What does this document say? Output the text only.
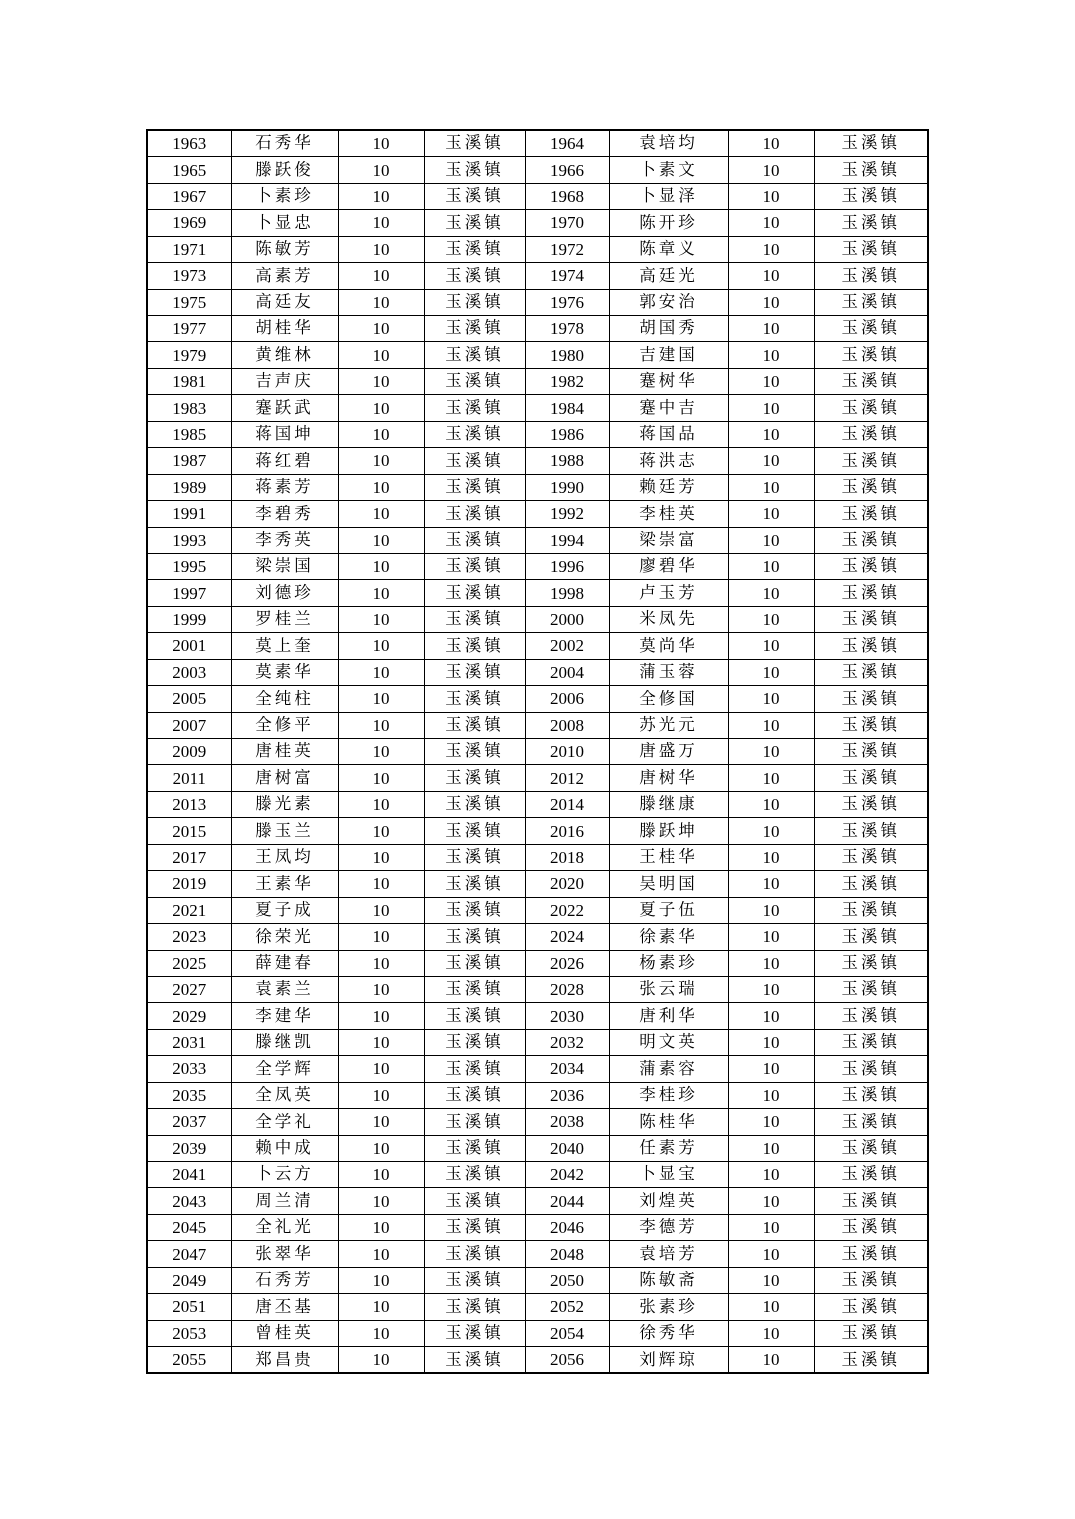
1963	石秀华	10	玉溪镇	1964	袁培均	10	玉溪镇
1965	滕跃俊	10	玉溪镇	1966	卜素文	10	玉溪镇
1967	卜素珍	10	玉溪镇	1968	卜显泽	10	玉溪镇
1969	卜显忠	10	玉溪镇	1970	陈开珍	10	玉溪镇
1971	陈敏芳	10	玉溪镇	1972	陈章义	10	玉溪镇
1973	高素芳	10	玉溪镇	1974	高廷光	10	玉溪镇
1975	高廷友	10	玉溪镇	1976	郭安治	10	玉溪镇
1977	胡桂华	10	玉溪镇	1978	胡国秀	10	玉溪镇
1979	黄维林	10	玉溪镇	1980	吉建国	10	玉溪镇
1981	吉声庆	10	玉溪镇	1982	蹇树华	10	玉溪镇
1983	蹇跃武	10	玉溪镇	1984	蹇中吉	10	玉溪镇
1985	蒋国坤	10	玉溪镇	1986	蒋国品	10	玉溪镇
1987	蒋红碧	10	玉溪镇	1988	蒋洪志	10	玉溪镇
1989	蒋素芳	10	玉溪镇	1990	赖廷芳	10	玉溪镇
1991	李碧秀	10	玉溪镇	1992	李桂英	10	玉溪镇
1993	李秀英	10	玉溪镇	1994	梁崇富	10	玉溪镇
1995	梁崇国	10	玉溪镇	1996	廖碧华	10	玉溪镇
1997	刘德珍	10	玉溪镇	1998	卢玉芳	10	玉溪镇
1999	罗桂兰	10	玉溪镇	2000	米凤先	10	玉溪镇
2001	莫上奎	10	玉溪镇	2002	莫尚华	10	玉溪镇
2003	莫素华	10	玉溪镇	2004	蒲玉蓉	10	玉溪镇
2005	全纯柱	10	玉溪镇	2006	全修国	10	玉溪镇
2007	全修平	10	玉溪镇	2008	苏光元	10	玉溪镇
2009	唐桂英	10	玉溪镇	2010	唐盛万	10	玉溪镇
2011	唐树富	10	玉溪镇	2012	唐树华	10	玉溪镇
2013	滕光素	10	玉溪镇	2014	滕继康	10	玉溪镇
2015	滕玉兰	10	玉溪镇	2016	滕跃坤	10	玉溪镇
2017	王凤均	10	玉溪镇	2018	王桂华	10	玉溪镇
2019	王素华	10	玉溪镇	2020	吴明国	10	玉溪镇
2021	夏子成	10	玉溪镇	2022	夏子伍	10	玉溪镇
2023	徐荣光	10	玉溪镇	2024	徐素华	10	玉溪镇
2025	薛建春	10	玉溪镇	2026	杨素珍	10	玉溪镇
2027	袁素兰	10	玉溪镇	2028	张云瑞	10	玉溪镇
2029	李建华	10	玉溪镇	2030	唐利华	10	玉溪镇
2031	滕继凯	10	玉溪镇	2032	明文英	10	玉溪镇
2033	全学辉	10	玉溪镇	2034	蒲素容	10	玉溪镇
2035	全凤英	10	玉溪镇	2036	李桂珍	10	玉溪镇
2037	全学礼	10	玉溪镇	2038	陈桂华	10	玉溪镇
2039	赖中成	10	玉溪镇	2040	任素芳	10	玉溪镇
2041	卜云方	10	玉溪镇	2042	卜显宝	10	玉溪镇
2043	周兰清	10	玉溪镇	2044	刘煌英	10	玉溪镇
2045	全礼光	10	玉溪镇	2046	李德芳	10	玉溪镇
2047	张翠华	10	玉溪镇	2048	袁培芳	10	玉溪镇
2049	石秀芳	10	玉溪镇	2050	陈敏斋	10	玉溪镇
2051	唐丕基	10	玉溪镇	2052	张素珍	10	玉溪镇
2053	曾桂英	10	玉溪镇	2054	徐秀华	10	玉溪镇
2055	郑昌贵	10	玉溪镇	2056	刘辉琼	10	玉溪镇
